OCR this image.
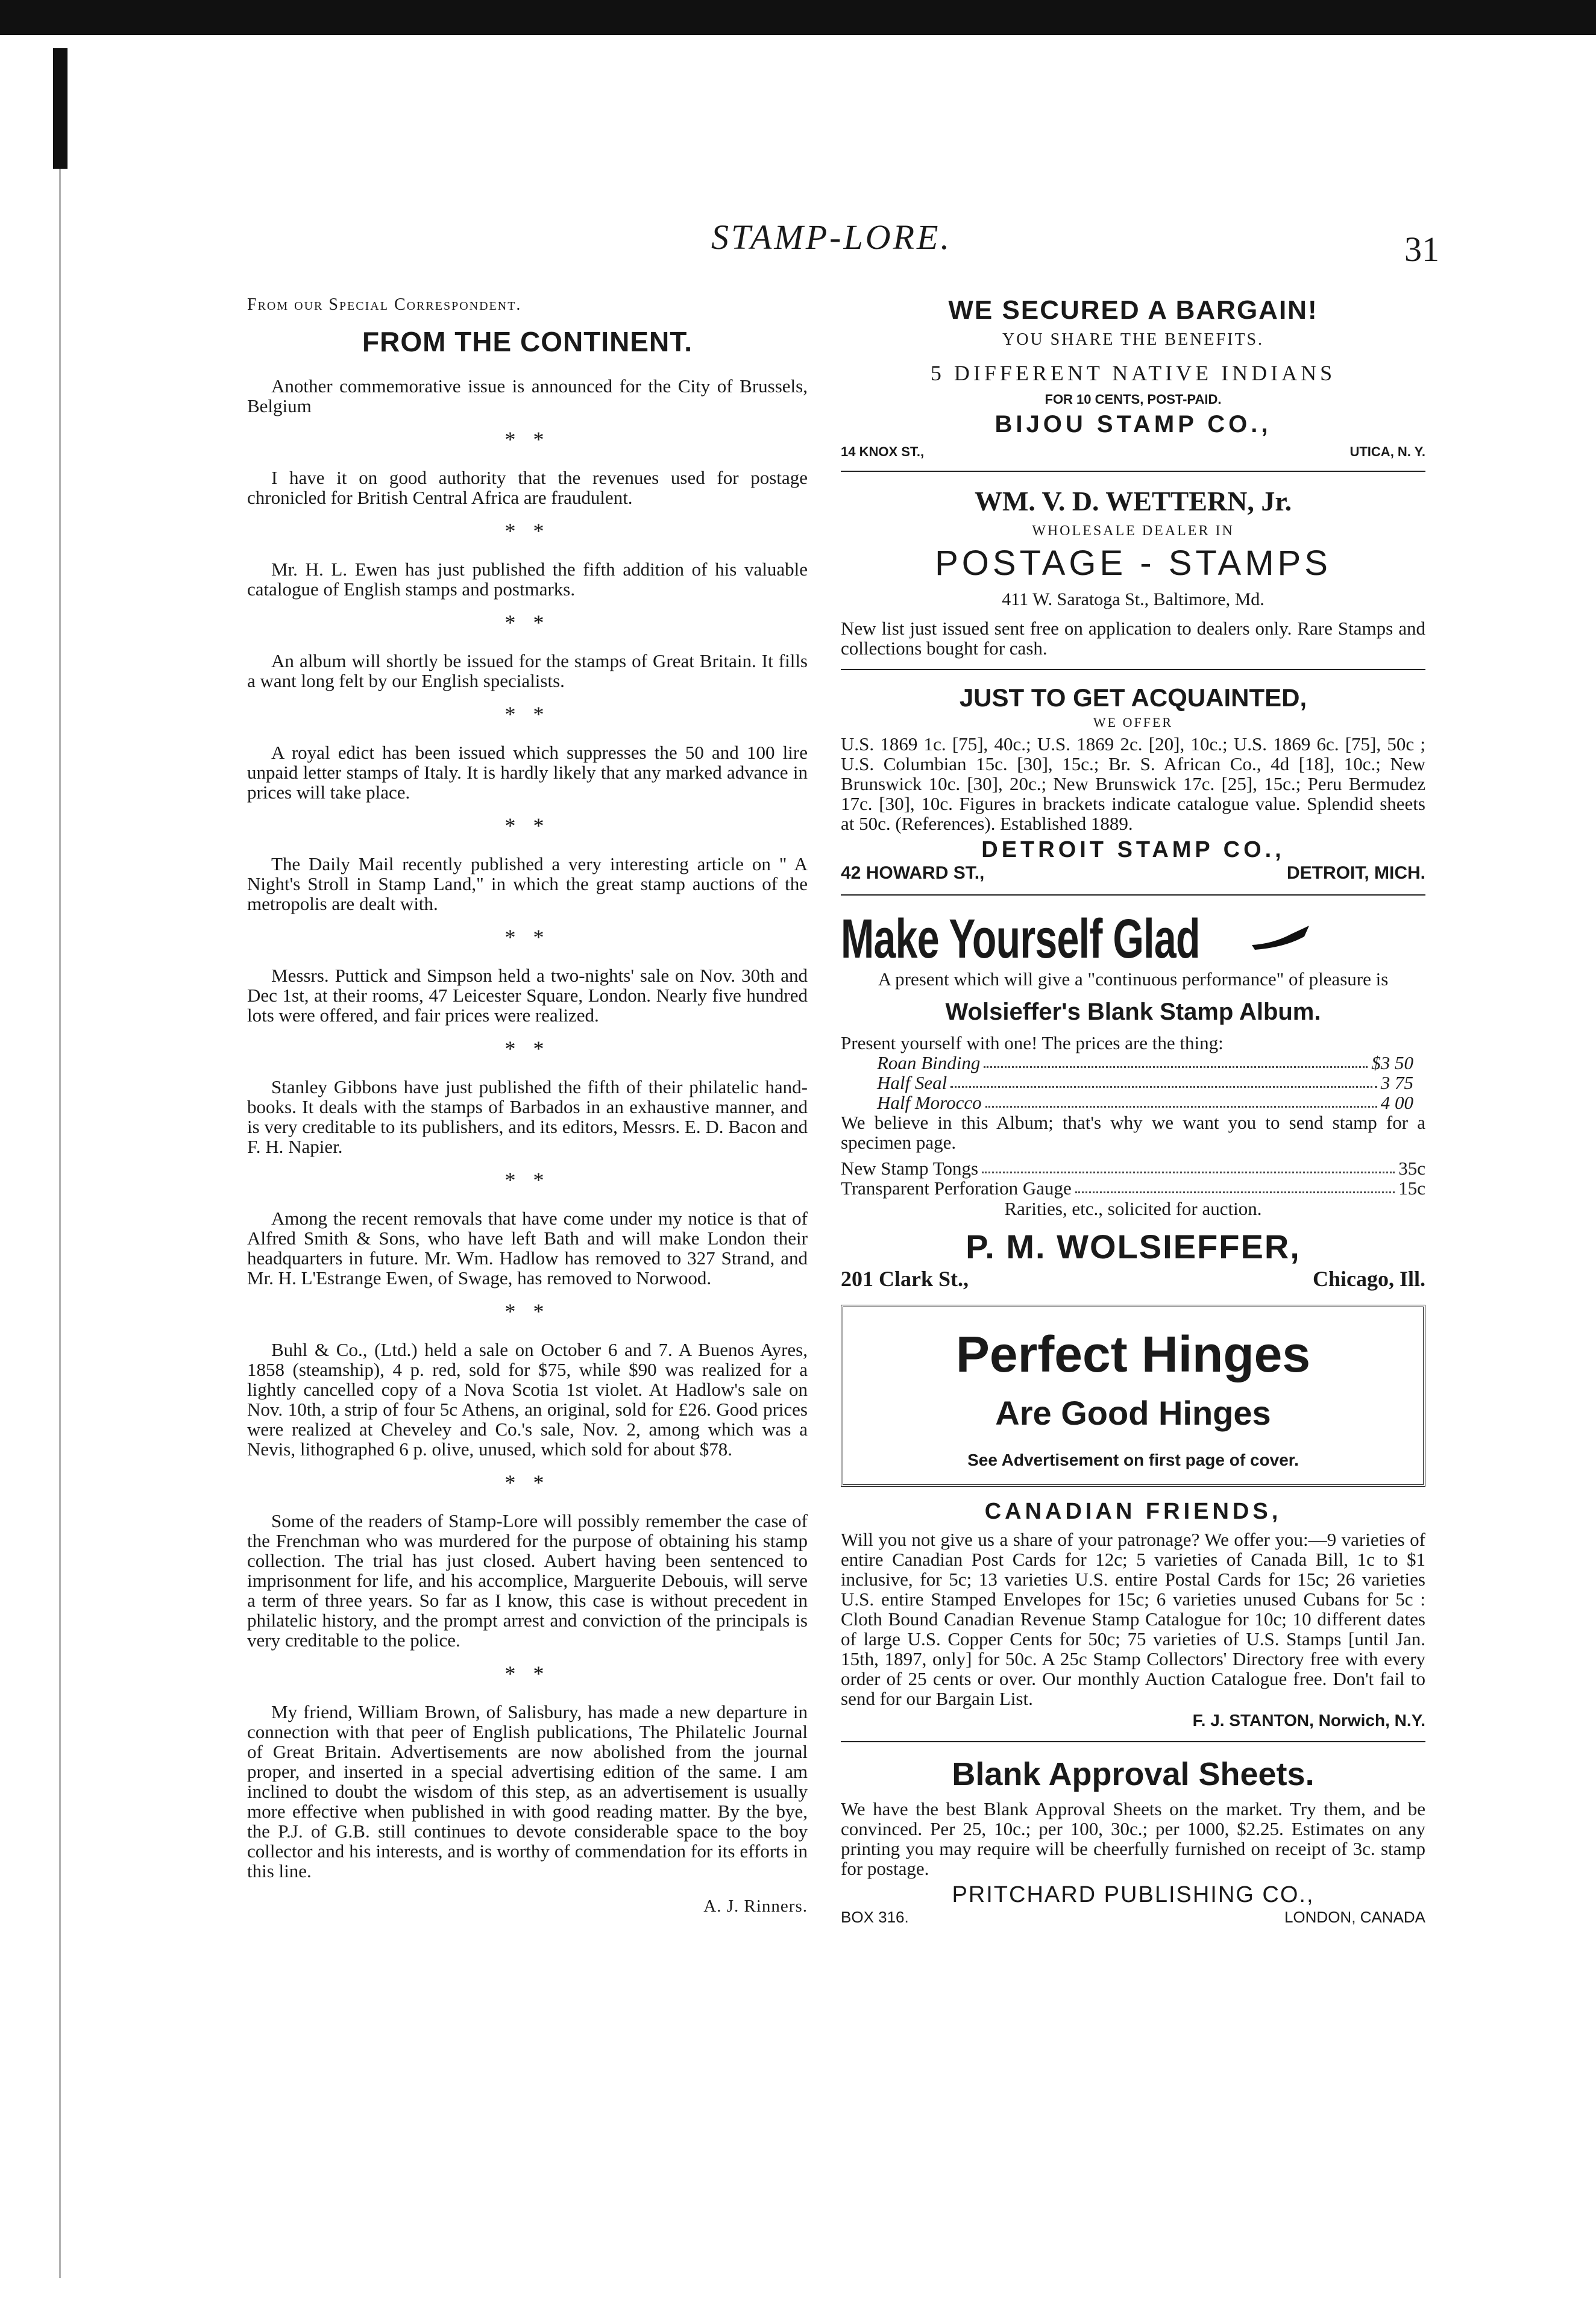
STAMP-LORE.	31
From our Special Correspondent.
FROM THE CONTINENT.

Another commemorative issue is announced for the City of Brussels, Belgium

* *

I have it on good authority that the revenues used for postage chronicled for British Central Africa are fraudulent.

* *

Mr. H. L. Ewen has just published the fifth addition of his valuable catalogue of English stamps and postmarks.

* *

An album will shortly be issued for the stamps of Great Britain. It fills a want long felt by our English specialists.

* *

A royal edict has been issued which suppresses the 50 and 100 lire unpaid letter stamps of Italy. It is hardly likely that any marked advance in prices will take place.

* *

The Daily Mail recently published a very interesting article on " A Night's Stroll in Stamp Land," in which the great stamp auctions of the metropolis are dealt with.

* *

Messrs. Puttick and Simpson held a two-nights' sale on Nov. 30th and Dec 1st, at their rooms, 47 Leicester Square, London. Nearly five hundred lots were offered, and fair prices were realized.

* *

Stanley Gibbons have just published the fifth of their philatelic hand-books. It deals with the stamps of Barbados in an exhaustive manner, and is very creditable to its publishers, and its editors, Messrs. E. D. Bacon and F. H. Napier.

* *

Among the recent removals that have come under my notice is that of Alfred Smith & Sons, who have left Bath and will make London their headquarters in future. Mr. Wm. Hadlow has removed to 327 Strand, and Mr. H. L'Estrange Ewen, of Swage, has removed to Norwood.

* *

Buhl & Co., (Ltd.) held a sale on October 6 and 7. A Buenos Ayres, 1858 (steamship), 4 p. red, sold for $75, while $90 was realized for a lightly cancelled copy of a Nova Scotia 1st violet. At Hadlow's sale on Nov. 10th, a strip of four 5c Athens, an original, sold for £26. Good prices were realized at Cheveley and Co.'s sale, Nov. 2, among which was a Nevis, lithographed 6 p. olive, unused, which sold for about $78.

* *

Some of the readers of Stamp-Lore will possibly remember the case of the Frenchman who was murdered for the purpose of obtaining his stamp collection. The trial has just closed. Aubert having been sentenced to imprisonment for life, and his accomplice, Marguerite Debouis, will serve a term of three years. So far as I know, this case is without precedent in philatelic history, and the prompt arrest and conviction of the principals is very creditable to the police.

* *

My friend, William Brown, of Salisbury, has made a new departure in connection with that peer of English publications, The Philatelic Journal of Great Britain. Advertisements are now abolished from the journal proper, and inserted in a special advertising edition of the same. I am inclined to doubt the wisdom of this step, as an advertisement is usually more effective when published in with good reading matter. By the bye, the P.J. of G.B. still continues to devote considerable space to the boy collector and his interests, and is worthy of commendation for its efforts in this line.

A. J. Rinners.
WE SECURED A BARGAIN!
YOU SHARE THE BENEFITS.
5 DIFFERENT NATIVE INDIANS
FOR 10 CENTS, POST-PAID.
BIJOU STAMP CO.,
14 KNOX ST.,	UTICA, N. Y.
WM. V. D. WETTERN, Jr.
WHOLESALE DEALER IN
POSTAGE - STAMPS
411 W. Saratoga St., Baltimore, Md.

New list just issued sent free on application to dealers only. Rare Stamps and collections bought for cash.

JUST TO GET ACQUAINTED,
WE OFFER

U.S. 1869 1c. [75], 40c.; U.S. 1869 2c. [20], 10c.; U.S. 1869 6c. [75], 50c ; U.S. Columbian 15c. [30], 15c.; Br. S. African Co., 4d [18], 10c.; New Brunswick 10c. [30], 20c.; New Brunswick 17c. [25], 15c.; Peru Bermudez 17c. [30], 10c. Figures in brackets indicate catalogue value. Splendid sheets at 50c. (References). Established 1889.

DETROIT STAMP CO.,
42 HOWARD ST.,	DETROIT, MICH.
Make Yourself Glad

A present which will give a "continuous performance" of pleasure is

Wolsieffer's Blank Stamp Album.

Present yourself with one! The prices are the thing:

Roan Binding	$3 50
Half Seal	3 75
Half Morocco	4 00

We believe in this Album; that's why we want you to send stamp for a specimen page.

New Stamp Tongs	35c
Transparent Perforation Gauge	15c
Rarities, etc., solicited for auction.
P. M. WOLSIEFFER,
201 Clark St.,	Chicago, Ill.
Perfect Hinges
Are Good Hinges
See Advertisement on first page of cover.
CANADIAN FRIENDS,

Will you not give us a share of your patronage? We offer you:—9 varieties of entire Canadian Post Cards for 12c; 5 varieties of Canada Bill, 1c to $1 inclusive, for 5c; 13 varieties U.S. entire Postal Cards for 15c; 26 varieties U.S. entire Stamped Envelopes for 15c; 6 varieties unused Cubans for 5c : Cloth Bound Canadian Revenue Stamp Catalogue for 10c; 10 different dates of large U.S. Copper Cents for 50c; 75 varieties of U.S. Stamps [until Jan. 15th, 1897, only] for 50c. A 25c Stamp Collectors' Directory free with every order of 25 cents or over. Our monthly Auction Catalogue free. Don't fail to send for our Bargain List.

F. J. STANTON, Norwich, N.Y.
Blank Approval Sheets.

We have the best Blank Approval Sheets on the market. Try them, and be convinced. Per 25, 10c.; per 100, 30c.; per 1000, $2.25. Estimates on any printing you may require will be cheerfully furnished on receipt of 3c. stamp for postage.

PRITCHARD PUBLISHING CO.,
BOX 316.	LONDON, CANADA
